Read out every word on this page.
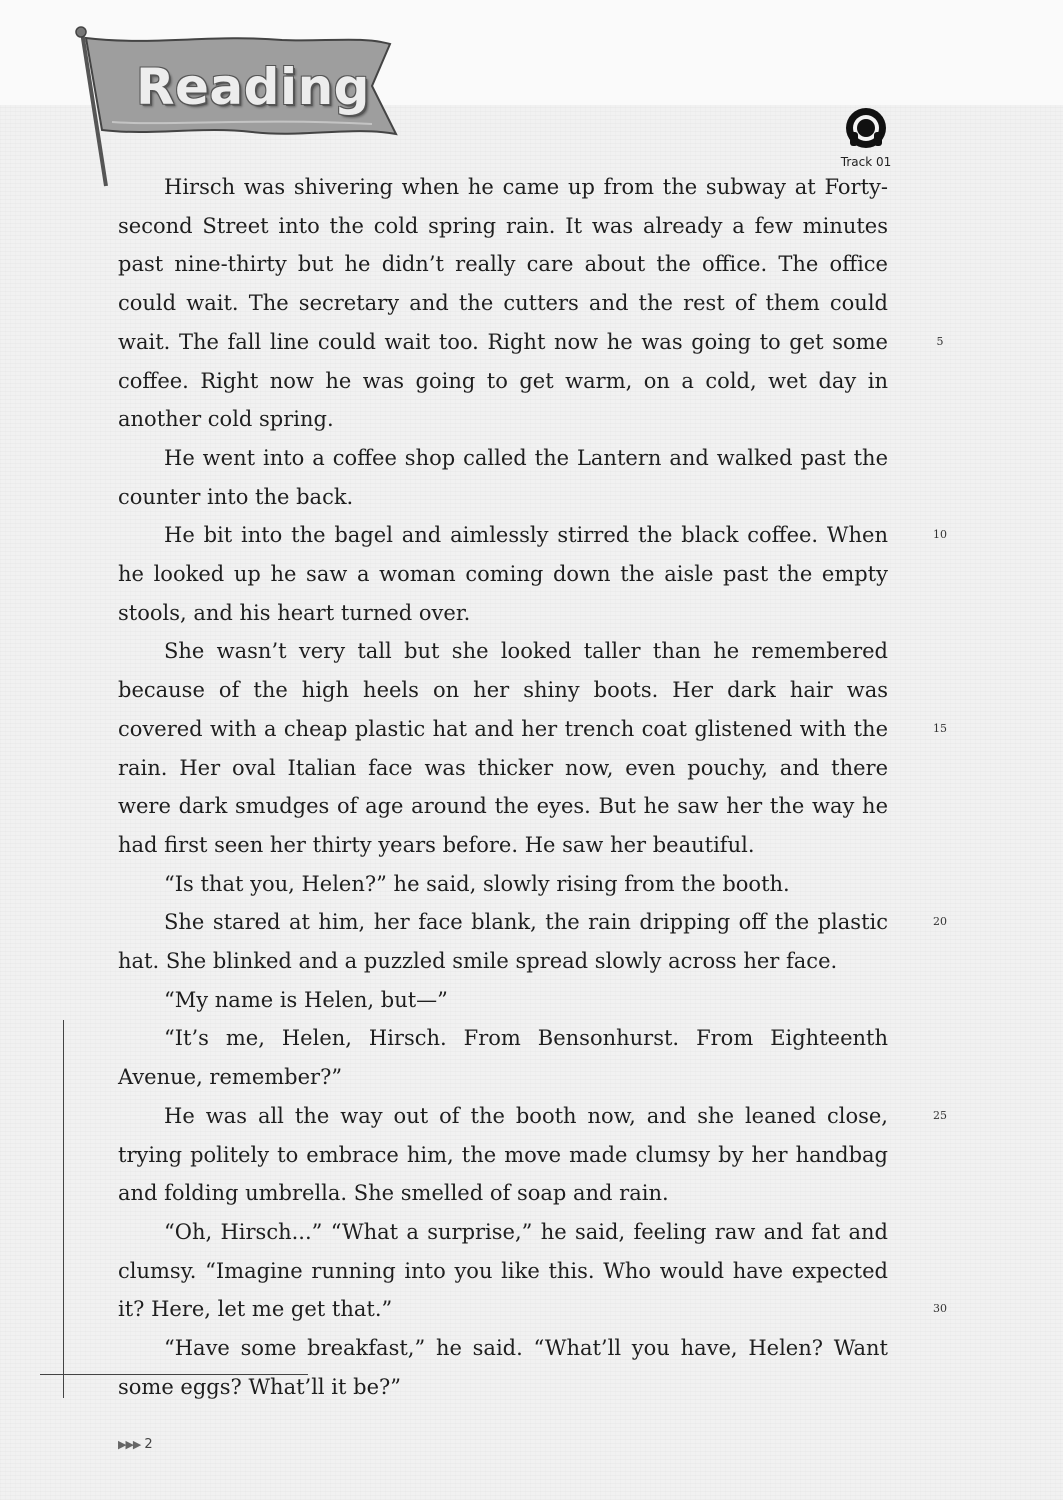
Reading
Track 01

Hirsch was shivering when he came up from the subway at Forty-second Street into the cold spring rain. It was already a few minutes past nine-thirty but he didn’t really care about the office. The office could wait. The secretary and the cutters and the rest of them could wait. The fall line could wait too. Right now he was going to get some coffee. Right now he was going to get warm, on a cold, wet day in another cold spring.

He went into a coffee shop called the Lantern and walked past the counter into the back.

He bit into the bagel and aimlessly stirred the black coffee. When he looked up he saw a woman coming down the aisle past the empty stools, and his heart turned over.

She wasn’t very tall but she looked taller than he remembered because of the high heels on her shiny boots. Her dark hair was covered with a cheap plastic hat and her trench coat glistened with the rain. Her oval Italian face was thicker now, even pouchy, and there were dark smudges of age around the eyes. But he saw her the way he had first seen her thirty years before. He saw her beautiful.

“Is that you, Helen?” he said, slowly rising from the booth.

She stared at him, her face blank, the rain dripping off the plastic hat. She blinked and a puzzled smile spread slowly across her face.

“My name is Helen, but—”

“It’s me, Helen, Hirsch. From Bensonhurst. From Eighteenth Avenue, remember?”

He was all the way out of the booth now, and she leaned close, trying politely to embrace him, the move made clumsy by her handbag and folding umbrella. She smelled of soap and rain.

“Oh, Hirsch...” “What a surprise,” he said, feeling raw and fat and clumsy. “Imagine running into you like this. Who would have expected it? Here, let me get that.”

“Have some breakfast,” he said. “What’ll you have, Helen? Want some eggs? What’ll it be?”

5
10
15
20
25
30
▶▶▶ 2
